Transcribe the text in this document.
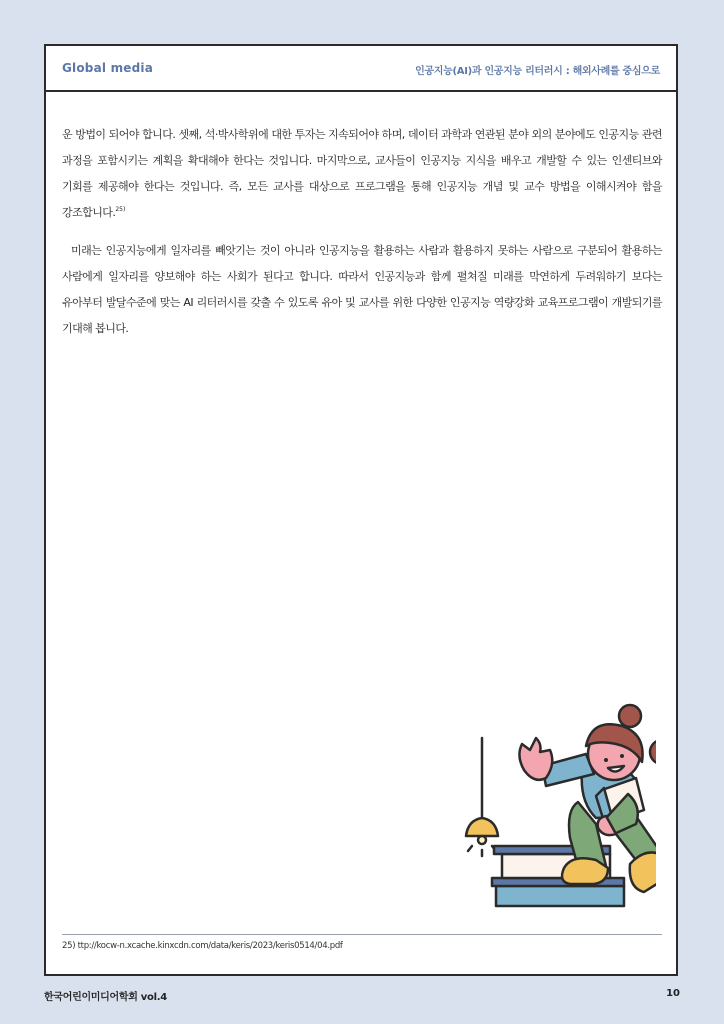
Global media	인공지능(AI)과 인공지능 리터러시 : 해외사례를 중심으로

운 방법이 되어야 합니다. 셋째, 석·박사학위에 대한 투자는 지속되어야 하며, 데이터 과학과 연관된 분야 외의 분야에도 인공지능 관련 과정을 포함시키는 계획을 확대해야 한다는 것입니다. 마지막으로, 교사들이 인공지능 지식을 배우고 개발할 수 있는 인센티브와 기회를 제공해야 한다는 것입니다. 즉, 모든 교사를 대상으로 프로그램을 통해 인공지능 개념 및 교수 방법을 이해시켜야 함을 강조합니다.$^{25)}$

미래는 인공지능에게 일자리를 빼앗기는 것이 아니라 인공지능을 활용하는 사람과 활용하지 못하는 사람으로 구분되어 활용하는 사람에게 일자리를 양보해야 하는 사회가 된다고 합니다. 따라서 인공지능과 함께 펼쳐질 미래를 막연하게 두려워하기 보다는 유아부터 발달수준에 맞는 AI 리터러시를 갖출 수 있도록 유아 및 교사를 위한 다양한 인공지능 역량강화 교육프로그램이 개발되기를 기대해 봅니다.

25) ttp://kocw-n.xcache.kinxcdn.com/data/keris/2023/keris0514/04.pdf
한국어린이미디어학회 vol.4	10
